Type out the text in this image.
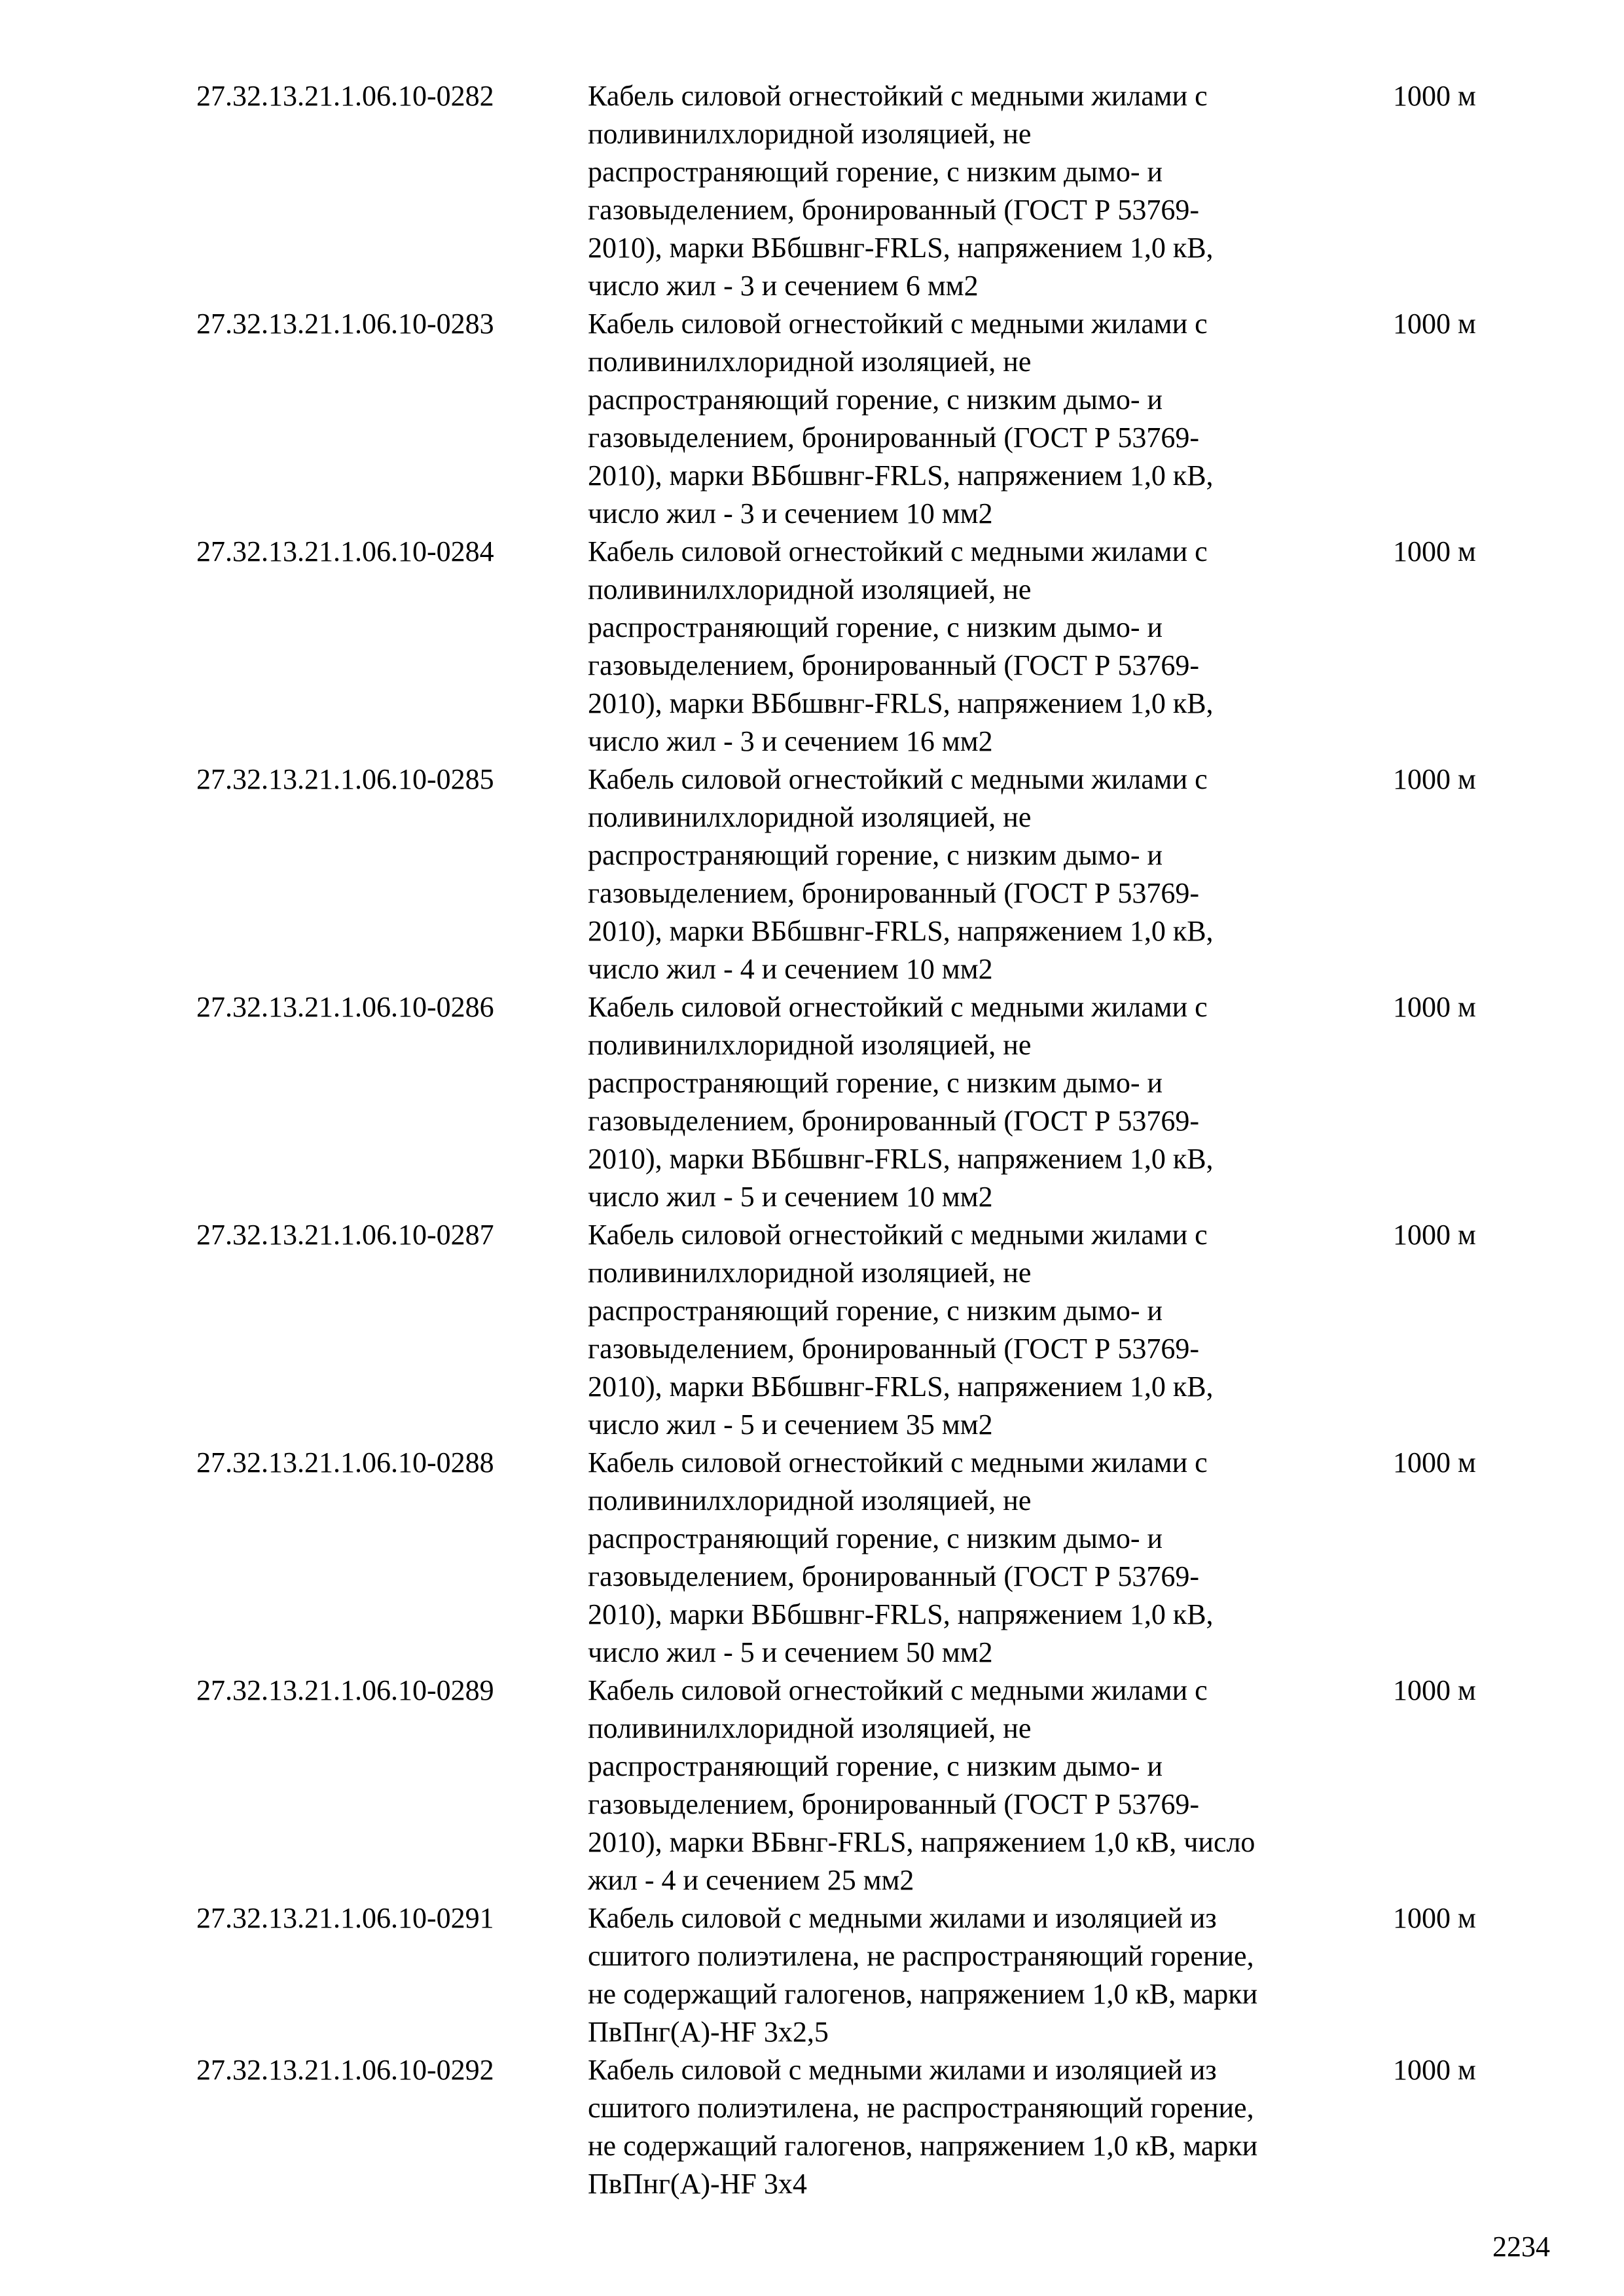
27.32.13.21.1.06.10-0282	Кабель силовой огнестойкий с медными жилами с
поливинилхлоридной изоляцией, не
распространяющий горение, с низким дымо- и
газовыделением, бронированный (ГОСТ Р 53769-
2010), марки ВБбшвнг-FRLS, напряжением 1,0 кВ,
число жил - 3 и сечением 6 мм2
1000 м
27.32.13.21.1.06.10-0283	Кабель силовой огнестойкий с медными жилами с
поливинилхлоридной изоляцией, не
распространяющий горение, с низким дымо- и
газовыделением, бронированный (ГОСТ Р 53769-
2010), марки ВБбшвнг-FRLS, напряжением 1,0 кВ,
число жил - 3 и сечением 10 мм2
1000 м
27.32.13.21.1.06.10-0284	Кабель силовой огнестойкий с медными жилами с
поливинилхлоридной изоляцией, не
распространяющий горение, с низким дымо- и
газовыделением, бронированный (ГОСТ Р 53769-
2010), марки ВБбшвнг-FRLS, напряжением 1,0 кВ,
число жил - 3 и сечением 16 мм2
1000 м
27.32.13.21.1.06.10-0285	Кабель силовой огнестойкий с медными жилами с
поливинилхлоридной изоляцией, не
распространяющий горение, с низким дымо- и
газовыделением, бронированный (ГОСТ Р 53769-
2010), марки ВБбшвнг-FRLS, напряжением 1,0 кВ,
число жил - 4 и сечением 10 мм2
1000 м
27.32.13.21.1.06.10-0286	Кабель силовой огнестойкий с медными жилами с
поливинилхлоридной изоляцией, не
распространяющий горение, с низким дымо- и
газовыделением, бронированный (ГОСТ Р 53769-
2010), марки ВБбшвнг-FRLS, напряжением 1,0 кВ,
число жил - 5 и сечением 10 мм2
1000 м
27.32.13.21.1.06.10-0287	Кабель силовой огнестойкий с медными жилами с
поливинилхлоридной изоляцией, не
распространяющий горение, с низким дымо- и
газовыделением, бронированный (ГОСТ Р 53769-
2010), марки ВБбшвнг-FRLS, напряжением 1,0 кВ,
число жил - 5 и сечением 35 мм2
1000 м
27.32.13.21.1.06.10-0288	Кабель силовой огнестойкий с медными жилами с
поливинилхлоридной изоляцией, не
распространяющий горение, с низким дымо- и
газовыделением, бронированный (ГОСТ Р 53769-
2010), марки ВБбшвнг-FRLS, напряжением 1,0 кВ,
число жил - 5 и сечением 50 мм2
1000 м
27.32.13.21.1.06.10-0289	Кабель силовой огнестойкий с медными жилами с
поливинилхлоридной изоляцией, не
распространяющий горение, с низким дымо- и
газовыделением, бронированный (ГОСТ Р 53769-
2010), марки ВБвнг-FRLS, напряжением 1,0 кВ, число
жил - 4 и сечением 25 мм2
1000 м
27.32.13.21.1.06.10-0291	Кабель силовой с медными жилами и изоляцией из
сшитого полиэтилена, не распространяющий горение,
не содержащий галогенов, напряжением 1,0 кВ, марки
ПвПнг(А)-HF 3x2,5
1000 м
27.32.13.21.1.06.10-0292	Кабель силовой с медными жилами и изоляцией из
сшитого полиэтилена, не распространяющий горение,
не содержащий галогенов, напряжением 1,0 кВ, марки
ПвПнг(А)-HF 3x4
1000 м
2234
